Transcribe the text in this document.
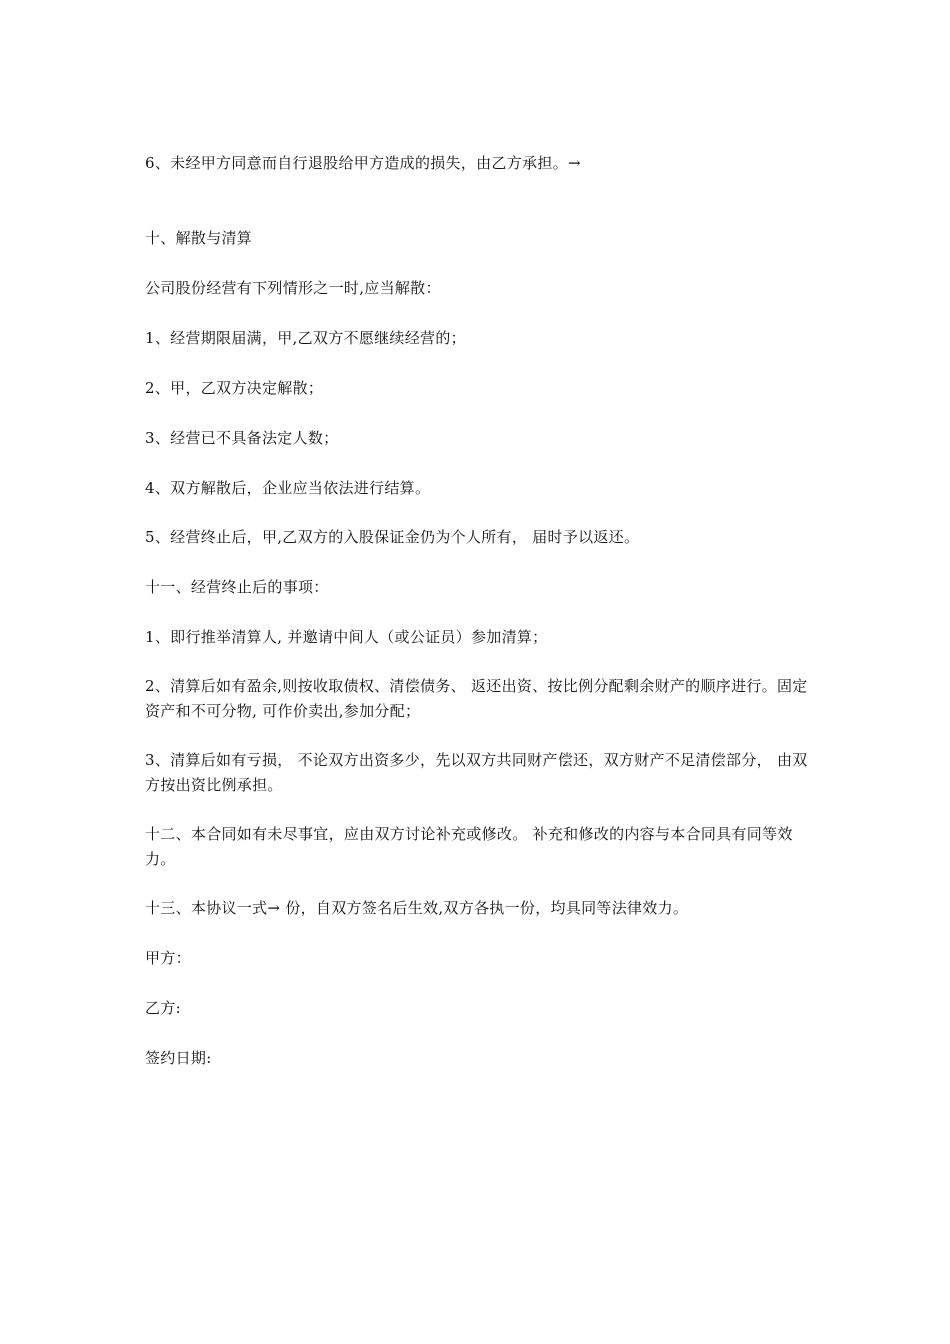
6、未经甲方同意而自行退股给甲方造成的损失，由乙方承担。→

十、解散与清算

公司股份经营有下列情形之一时,应当解散：

1、经营期限届满，甲,乙双方不愿继续经营的；

2、甲，乙双方决定解散；

3、经营已不具备法定人数；

4、双方解散后，企业应当依法进行结算。

5、经营终止后，甲,乙双方的入股保证金仍为个人所有， 届时予以返还。

十一、经营终止后的事项：

1、即行推举清算人, 并邀请中间人（或公证员）参加清算；

2、清算后如有盈余,则按收取债权、清偿债务、 返还出资、按比例分配剩余财产的顺序进行。固定资产和不可分物, 可作价卖出,参加分配；

3、清算后如有亏损， 不论双方出资多少，先以双方共同财产偿还，双方财产不足清偿部分， 由双方按出资比例承担。

十二、本合同如有未尽事宜，应由双方讨论补充或修改。 补充和修改的内容与本合同具有同等效力。

十三、本协议一式→ 份，自双方签名后生效,双方各执一份，均具同等法律效力。

甲方：

乙方:

签约日期:
